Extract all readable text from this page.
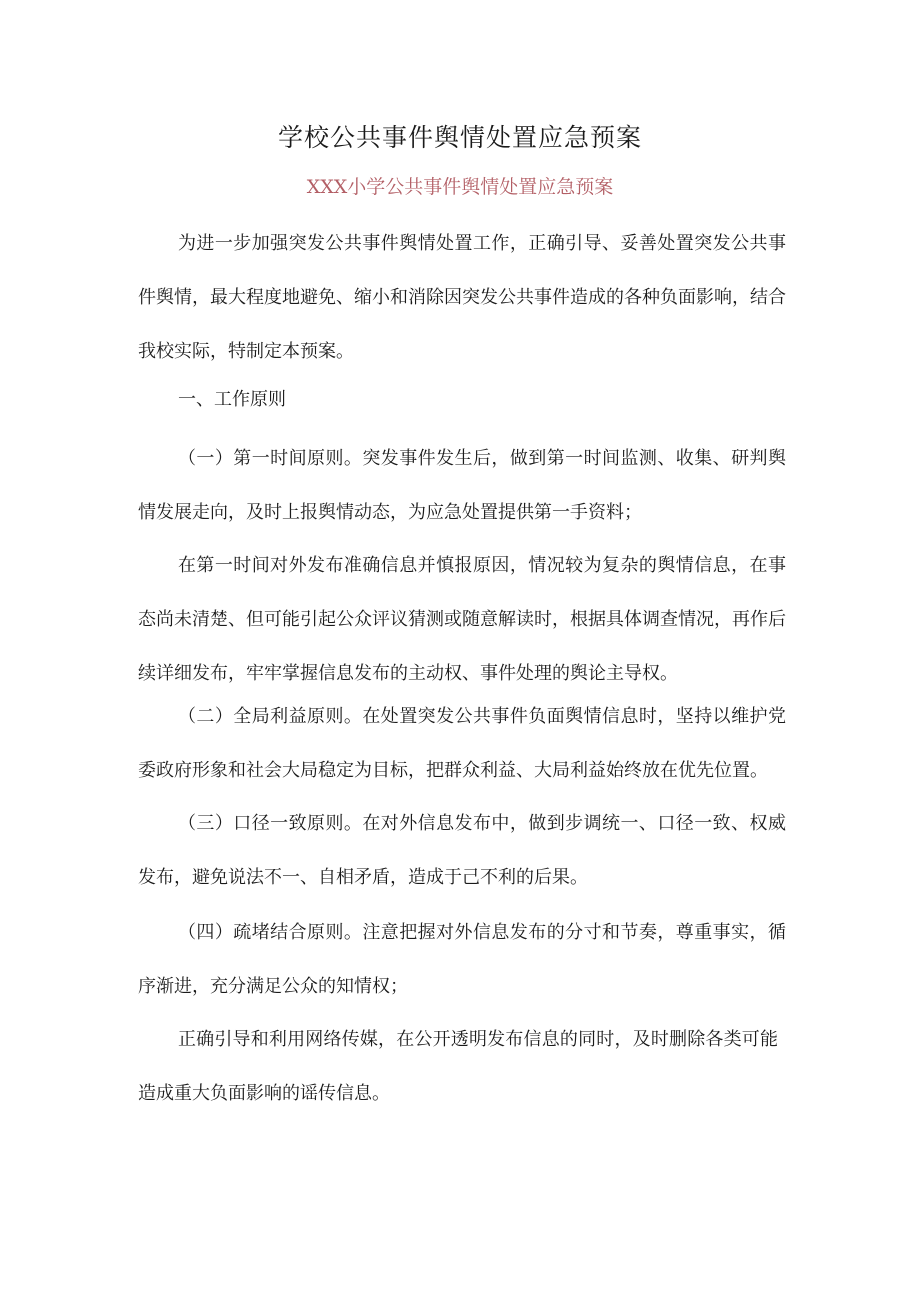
学校公共事件舆情处置应急预案
XXX小学公共事件舆情处置应急预案

为进一步加强突发公共事件舆情处置工作，正确引导、妥善处置突发公共事件舆情，最大程度地避免、缩小和消除因突发公共事件造成的各种负面影响，结合我校实际，特制定本预案。

一、工作原则

（一）第一时间原则。突发事件发生后，做到第一时间监测、收集、研判舆情发展走向，及时上报舆情动态，为应急处置提供第一手资料；

在第一时间对外发布准确信息并慎报原因，情况较为复杂的舆情信息，在事态尚未清楚、但可能引起公众评议猜测或随意解读时，根据具体调查情况，再作后续详细发布，牢牢掌握信息发布的主动权、事件处理的舆论主导权。

（二）全局利益原则。在处置突发公共事件负面舆情信息时，坚持以维护党委政府形象和社会大局稳定为目标，把群众利益、大局利益始终放在优先位置。

（三）口径一致原则。在对外信息发布中，做到步调统一、口径一致、权威发布，避免说法不一、自相矛盾，造成于己不利的后果。

（四）疏堵结合原则。注意把握对外信息发布的分寸和节奏，尊重事实，循序渐进，充分满足公众的知情权；

正确引导和利用网络传媒，在公开透明发布信息的同时，及时删除各类可能造成重大负面影响的谣传信息。
